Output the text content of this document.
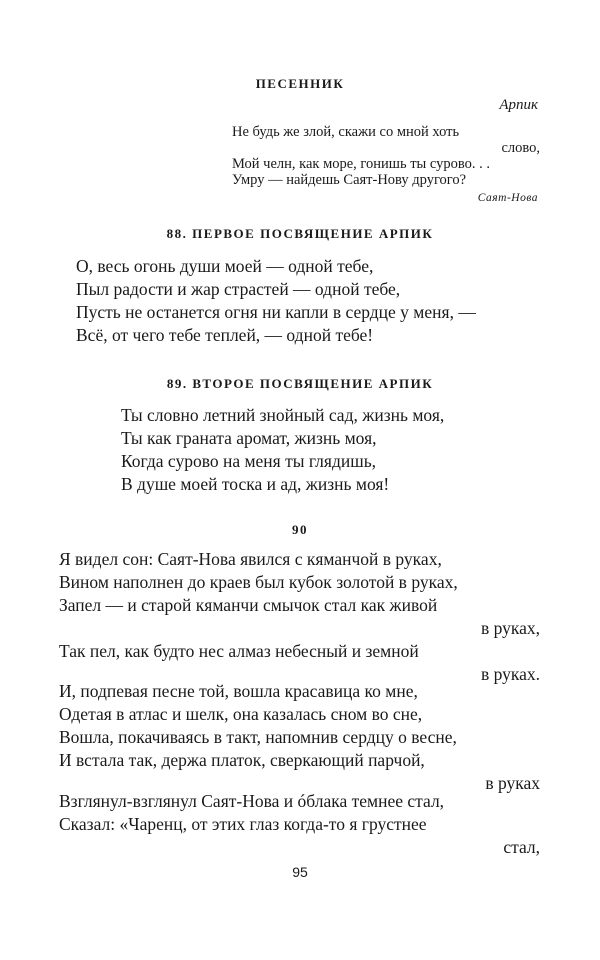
ПЕСЕННИК
Арпик
Не будь же злой, скажи со мной хоть
слово,
Мой челн, как море, гонишь ты сурово. . .
Умру — найдешь Саят-Нову другого?
Саят-Нова
88. ПЕРВОЕ ПОСВЯЩЕНИЕ АРПИК
О, весь огонь души моей — одной тебе,
Пыл радости и жар страстей — одной тебе,
Пусть не останется огня ни капли в сердце у меня, —
Всё, от чего тебе теплей, — одной тебе!
89. ВТОРОЕ ПОСВЯЩЕНИЕ АРПИК
Ты словно летний знойный сад, жизнь моя,
Ты как граната аромат, жизнь моя,
Когда сурово на меня ты глядишь,
В душе моей тоска и ад, жизнь моя!
90
Я видел сон: Саят-Нова явился с кяманчой в руках,
Вином наполнен до краев был кубок золотой в руках,
Запел — и старой кяманчи смычок стал как живой
в руках,
Так пел, как будто нес алмаз небесный и земной
в руках.
И, подпевая песне той, вошла красавица ко мне,
Одетая в атлас и шелк, она казалась сном во сне,
Вошла, покачиваясь в такт, напомнив сердцу о весне,
И встала так, держа платок, сверкающий парчой,
в руках
Взглянул-взглянул Саят-Нова и óблака темнее стал,
Сказал: «Чаренц, от этих глаз когда-то я грустнее
стал,
95
